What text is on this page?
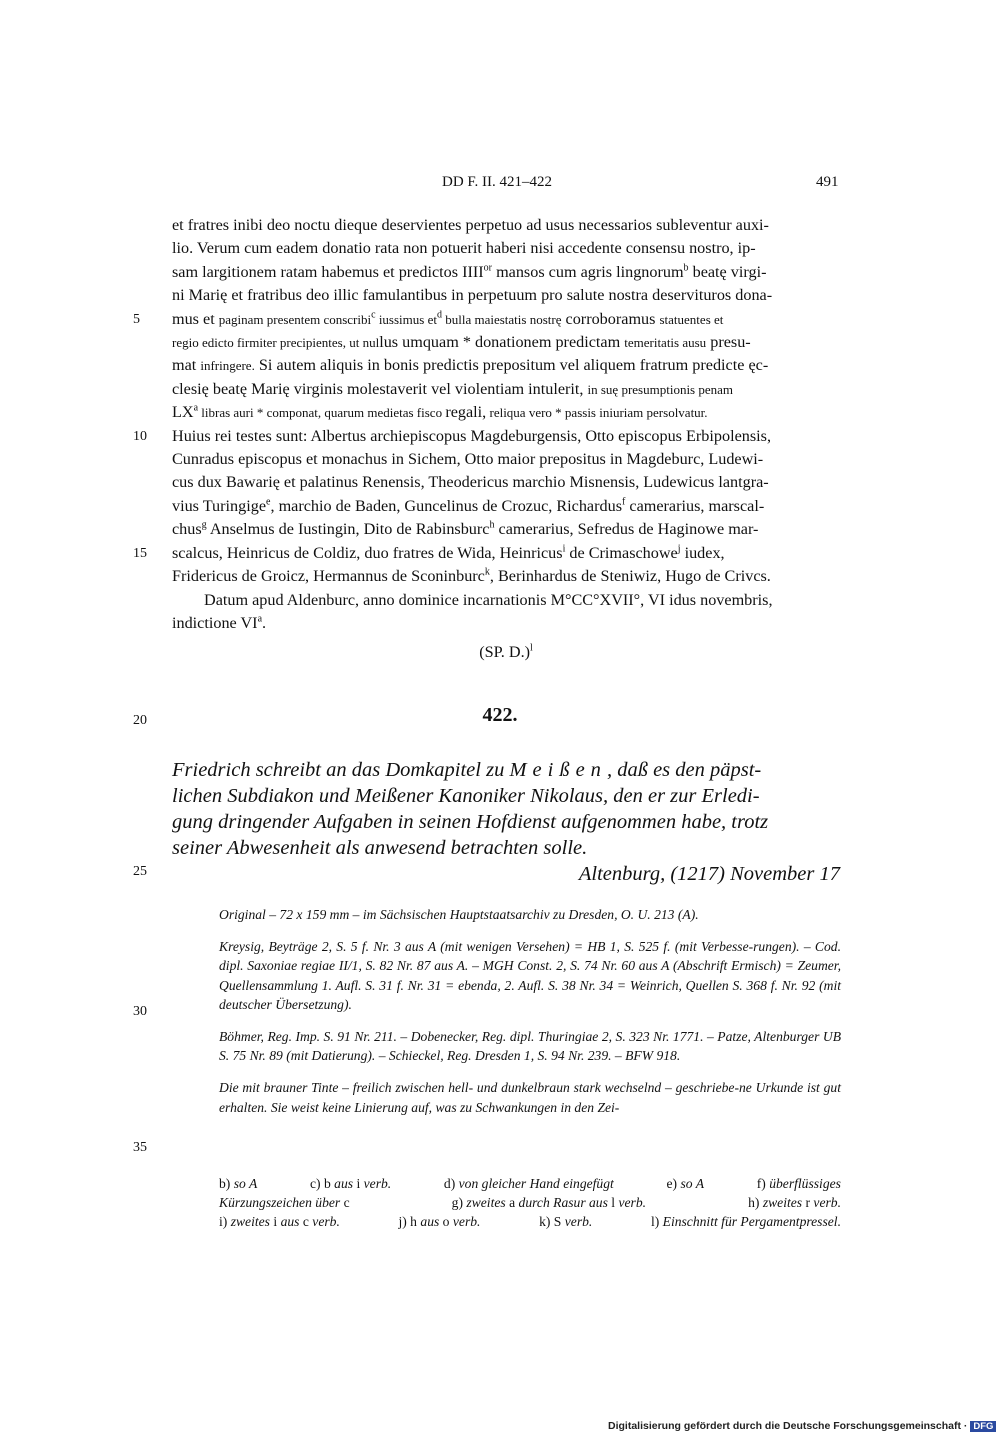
DD F. II. 421–422	491
5
10
15
20
25
30
35

et fratres inibi deo noctu dieque deservientes perpetuo ad usus necessarios subleventur auxi-

lio. Verum cum eadem donatio rata non potuerit haberi nisi accedente consensu nostro, ip-

sam largitionem ratam habemus et predictos $IIII^{or}$ mansos cum agris lingnorum$^b$ beatę virgi-

ni Marię et fratribus deo illic famulantibus in perpetuum pro salute nostra deservituros dona-

mus et paginam presentem conscribi$^c$ iussimus $et^d$ bulla maiestatis nostrę corroboramus statuentes et

regio edicto firmiter precipientes, ut nullus umquam * donationem predictam temeritatis ausu presu-

mat infringere. Si autem aliquis in bonis predictis prepositum vel aliquem fratrum predicte ęc-

clesię beatę Marię virginis molestaverit vel violentiam intulerit, in suę presumptionis penam

$LX^a$ libras auri * componat, quarum medietas fisco regali, reliqua vero * passis iniuriam persolvatur.

Huius rei testes sunt: Albertus archiepiscopus Magdeburgensis, Otto episcopus Erbipolensis,

Cunradus episcopus et monachus in Sichem, Otto maior prepositus in Magdeburc, Ludewi-

cus dux Bawarię et palatinus Renensis, Theodericus marchio Misnensis, Ludewicus lantgra-

vius Turingige$^e$, marchio de Baden, Guncelinus de Crozuc, Richardus$^f$ camerarius, marscal-

chus$^g$ Anselmus de Iustingin, Dito de Rabinsburc$^h$ camerarius, Sefredus de Haginowe mar-

scalcus, Heinricus de Coldiz, duo fratres de Wida, Heinricus$^i$ de Crimaschowe$^j$ iudex,

Fridericus de Groicz, Hermannus de Sconinburc$^k$, Berinhardus de Steniwiz, Hugo de Crivcs.

Datum apud Aldenburc, anno dominice incarnationis M°CC°XVII°, VI idus novembris,

indictione $VI^a$.

(SP. D.)$^l$

422.

Friedrich schreibt an das Domkapitel zu Meißen, daß es den päpst-

lichen Subdiakon und Meißener Kanoniker Nikolaus, den er zur Erledi-

gung dringender Aufgaben in seinen Hofdienst aufgenommen habe, trotz

seiner Abwesenheit als anwesend betrachten solle.

Altenburg, (1217) November 17

Original – 72 x 159 mm – im Sächsischen Hauptstaatsarchiv zu Dresden, O. U. 213 (A).

Kreysig, Beyträge 2, S. 5 f. Nr. 3 aus A (mit wenigen Versehen) = HB 1, S. 525 f. (mit Verbesse-rungen). – Cod. dipl. Saxoniae regiae II/1, S. 82 Nr. 87 aus A. – MGH Const. 2, S. 74 Nr. 60 aus A (Abschrift Ermisch) = Zeumer, Quellensammlung 1. Aufl. S. 31 f. Nr. 31 = ebenda, 2. Aufl. S. 38 Nr. 34 = Weinrich, Quellen S. 368 f. Nr. 92 (mit deutscher Übersetzung).

Böhmer, Reg. Imp. S. 91 Nr. 211. – Dobenecker, Reg. dipl. Thuringiae 2, S. 323 Nr. 1771. – Patze, Altenburger UB S. 75 Nr. 89 (mit Datierung). – Schieckel, Reg. Dresden 1, S. 94 Nr. 239. – BFW 918.

Die mit brauner Tinte – freilich zwischen hell- und dunkelbraun stark wechselnd – geschriebe-ne Urkunde ist gut erhalten. Sie weist keine Linierung auf, was zu Schwankungen in den Zei-

b) so A	c) b aus i verb.	d) von gleicher Hand eingefügt	e) so A	f) überflüssiges
Kürzungszeichen über c	g) zweites a durch Rasur aus l verb.	h) zweites r verb.
i) zweites i aus c verb.	j) h aus o verb.	k) S verb.	l) Einschnitt für Pergamentpressel.
Digitalisierung gefördert durch die Deutsche Forschungsgemeinschaft · DFG
